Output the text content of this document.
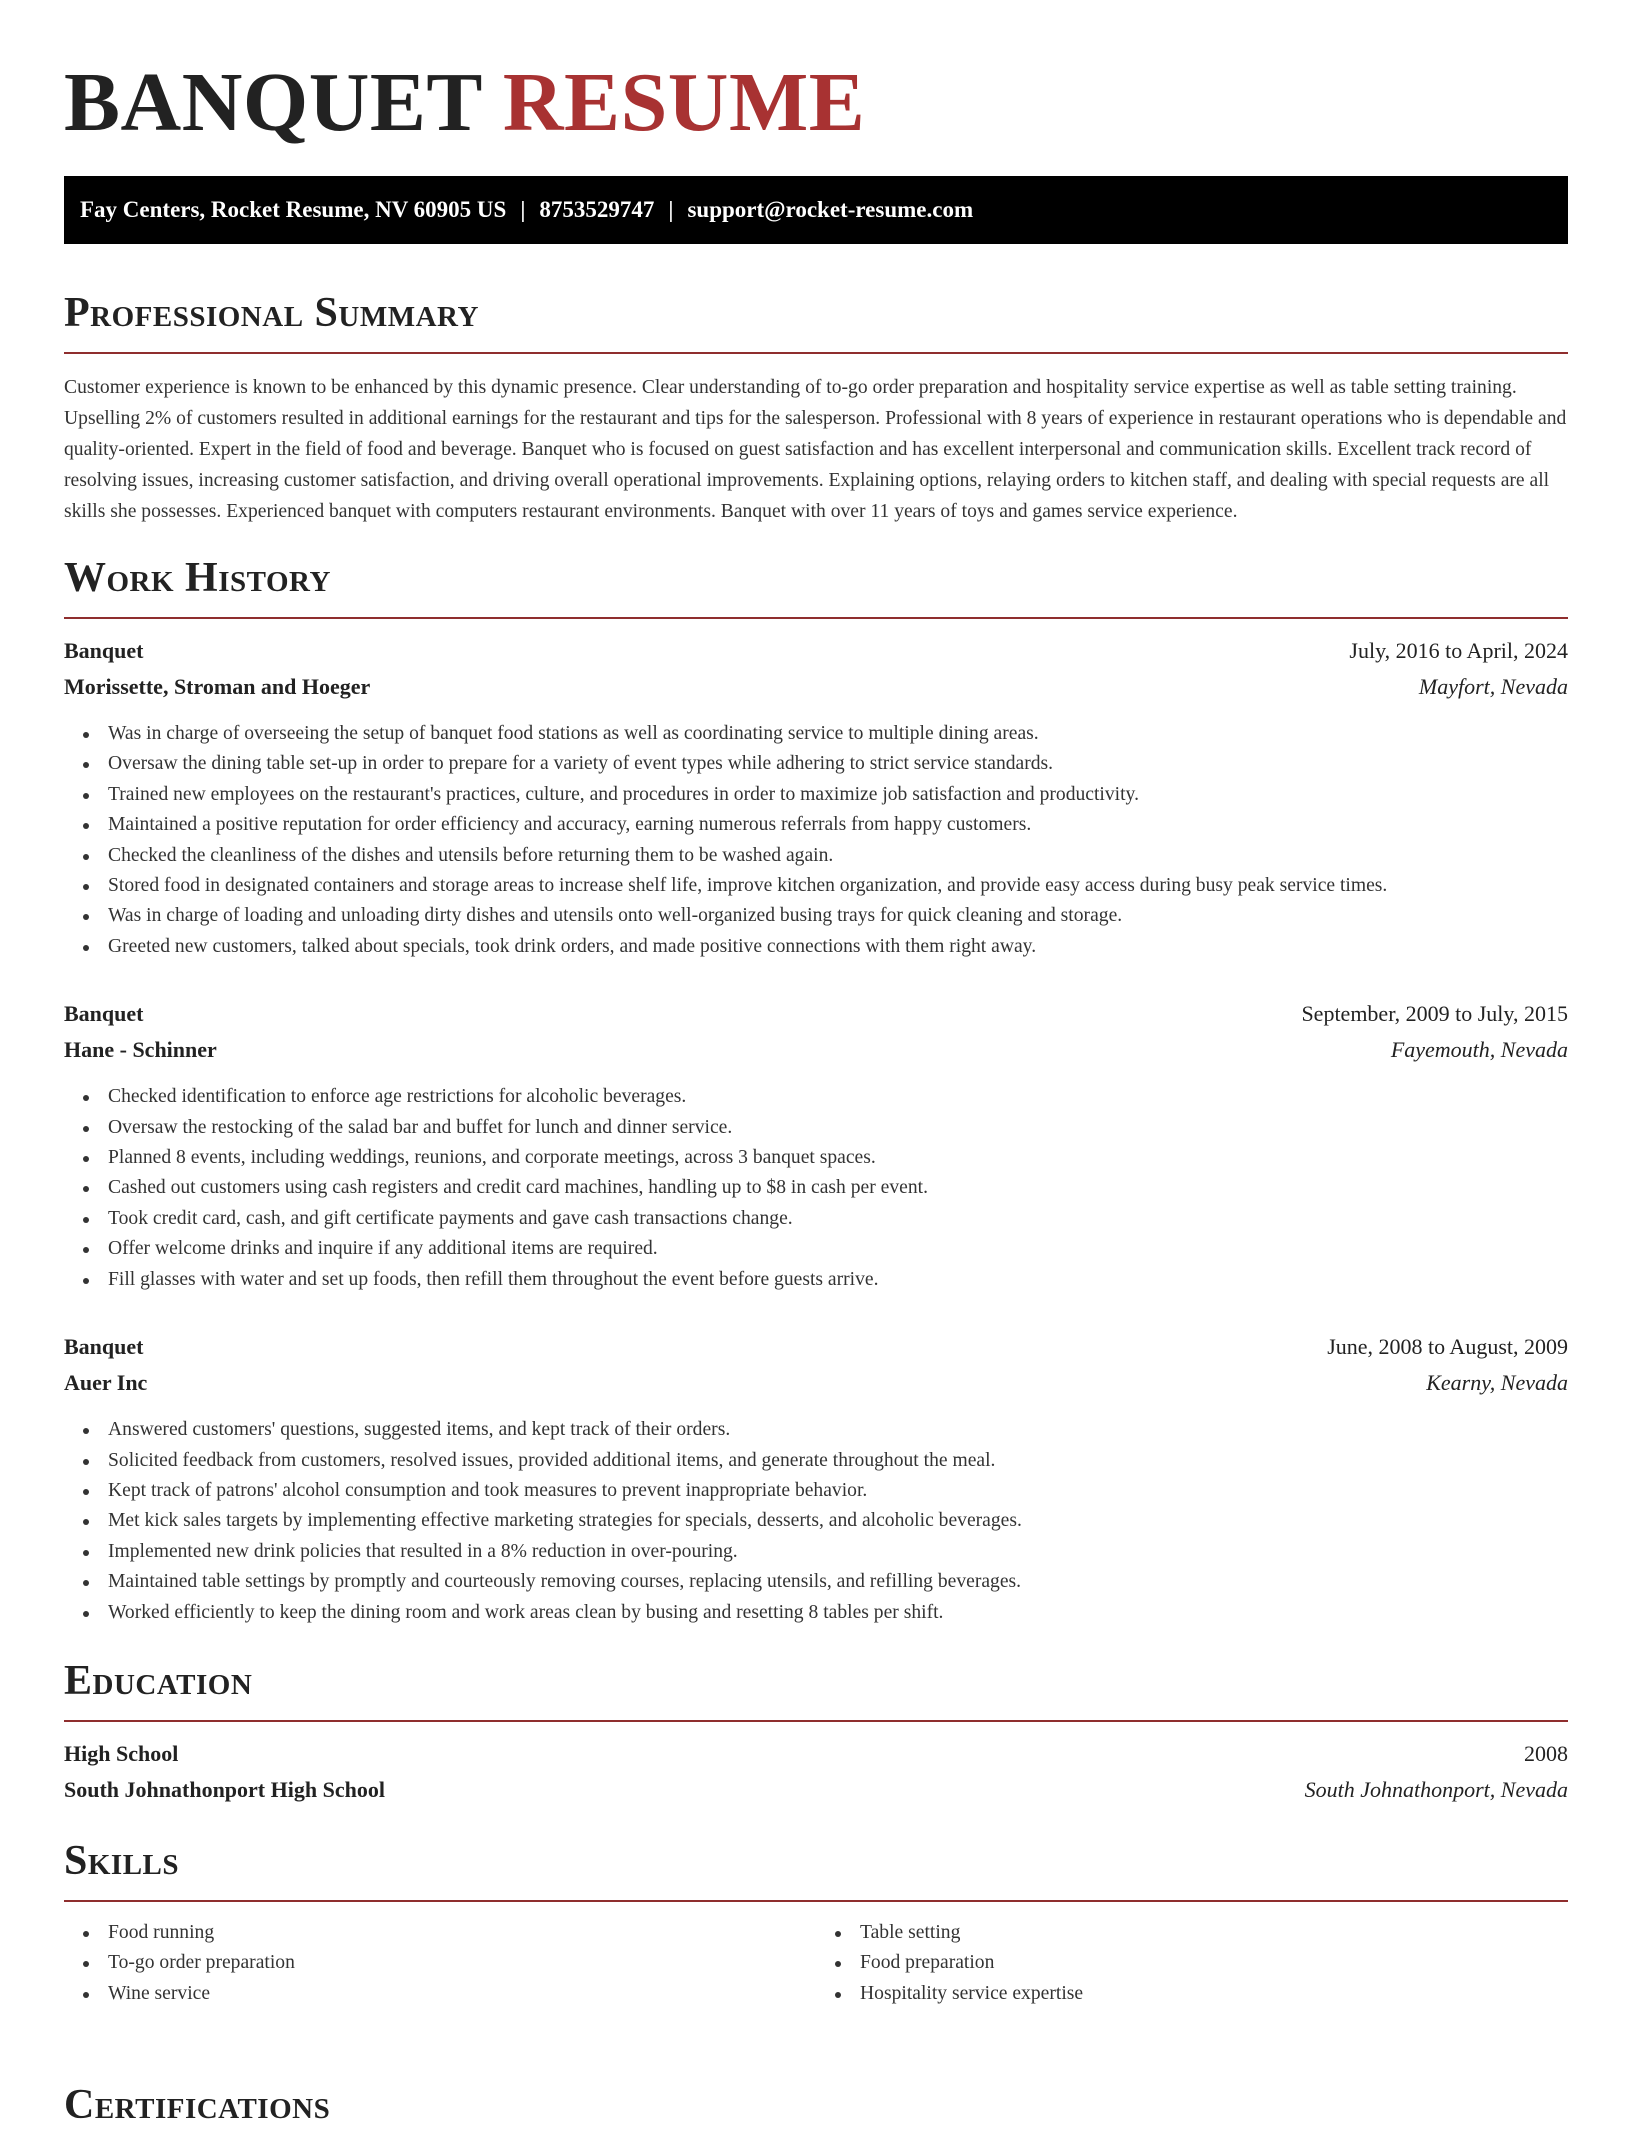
BANQUET RESUME
Fay Centers, Rocket Resume, NV 60905 US | 8753529747 | support@rocket-resume.com
Professional Summary

Customer experience is known to be enhanced by this dynamic presence. Clear understanding of to-go order preparation and hospitality service expertise as well as table setting training. Upselling 2% of customers resulted in additional earnings for the restaurant and tips for the salesperson. Professional with 8 years of experience in restaurant operations who is dependable and quality-oriented. Expert in the field of food and beverage. Banquet who is focused on guest satisfaction and has excellent interpersonal and communication skills. Excellent track record of resolving issues, increasing customer satisfaction, and driving overall operational improvements. Explaining options, relaying orders to kitchen staff, and dealing with special requests are all skills she possesses. Experienced banquet with computers restaurant environments. Banquet with over 11 years of toys and games service experience.

Work History
Banquet	July, 2016 to April, 2024
Morissette, Stroman and Hoeger	Mayfort, Nevada
Was in charge of overseeing the setup of banquet food stations as well as coordinating service to multiple dining areas.
Oversaw the dining table set-up in order to prepare for a variety of event types while adhering to strict service standards.
Trained new employees on the restaurant's practices, culture, and procedures in order to maximize job satisfaction and productivity.
Maintained a positive reputation for order efficiency and accuracy, earning numerous referrals from happy customers.
Checked the cleanliness of the dishes and utensils before returning them to be washed again.
Stored food in designated containers and storage areas to increase shelf life, improve kitchen organization, and provide easy access during busy peak service times.
Was in charge of loading and unloading dirty dishes and utensils onto well-organized busing trays for quick cleaning and storage.
Greeted new customers, talked about specials, took drink orders, and made positive connections with them right away.
Banquet	September, 2009 to July, 2015
Hane - Schinner	Fayemouth, Nevada
Checked identification to enforce age restrictions for alcoholic beverages.
Oversaw the restocking of the salad bar and buffet for lunch and dinner service.
Planned 8 events, including weddings, reunions, and corporate meetings, across 3 banquet spaces.
Cashed out customers using cash registers and credit card machines, handling up to $8 in cash per event.
Took credit card, cash, and gift certificate payments and gave cash transactions change.
Offer welcome drinks and inquire if any additional items are required.
Fill glasses with water and set up foods, then refill them throughout the event before guests arrive.
Banquet	June, 2008 to August, 2009
Auer Inc	Kearny, Nevada
Answered customers' questions, suggested items, and kept track of their orders.
Solicited feedback from customers, resolved issues, provided additional items, and generate throughout the meal.
Kept track of patrons' alcohol consumption and took measures to prevent inappropriate behavior.
Met kick sales targets by implementing effective marketing strategies for specials, desserts, and alcoholic beverages.
Implemented new drink policies that resulted in a 8% reduction in over-pouring.
Maintained table settings by promptly and courteously removing courses, replacing utensils, and refilling beverages.
Worked efficiently to keep the dining room and work areas clean by busing and resetting 8 tables per shift.
Education
High School	2008
South Johnathonport High School	South Johnathonport, Nevada
Skills
Food running
To-go order preparation
Wine service
Table setting
Food preparation
Hospitality service expertise
Certifications
